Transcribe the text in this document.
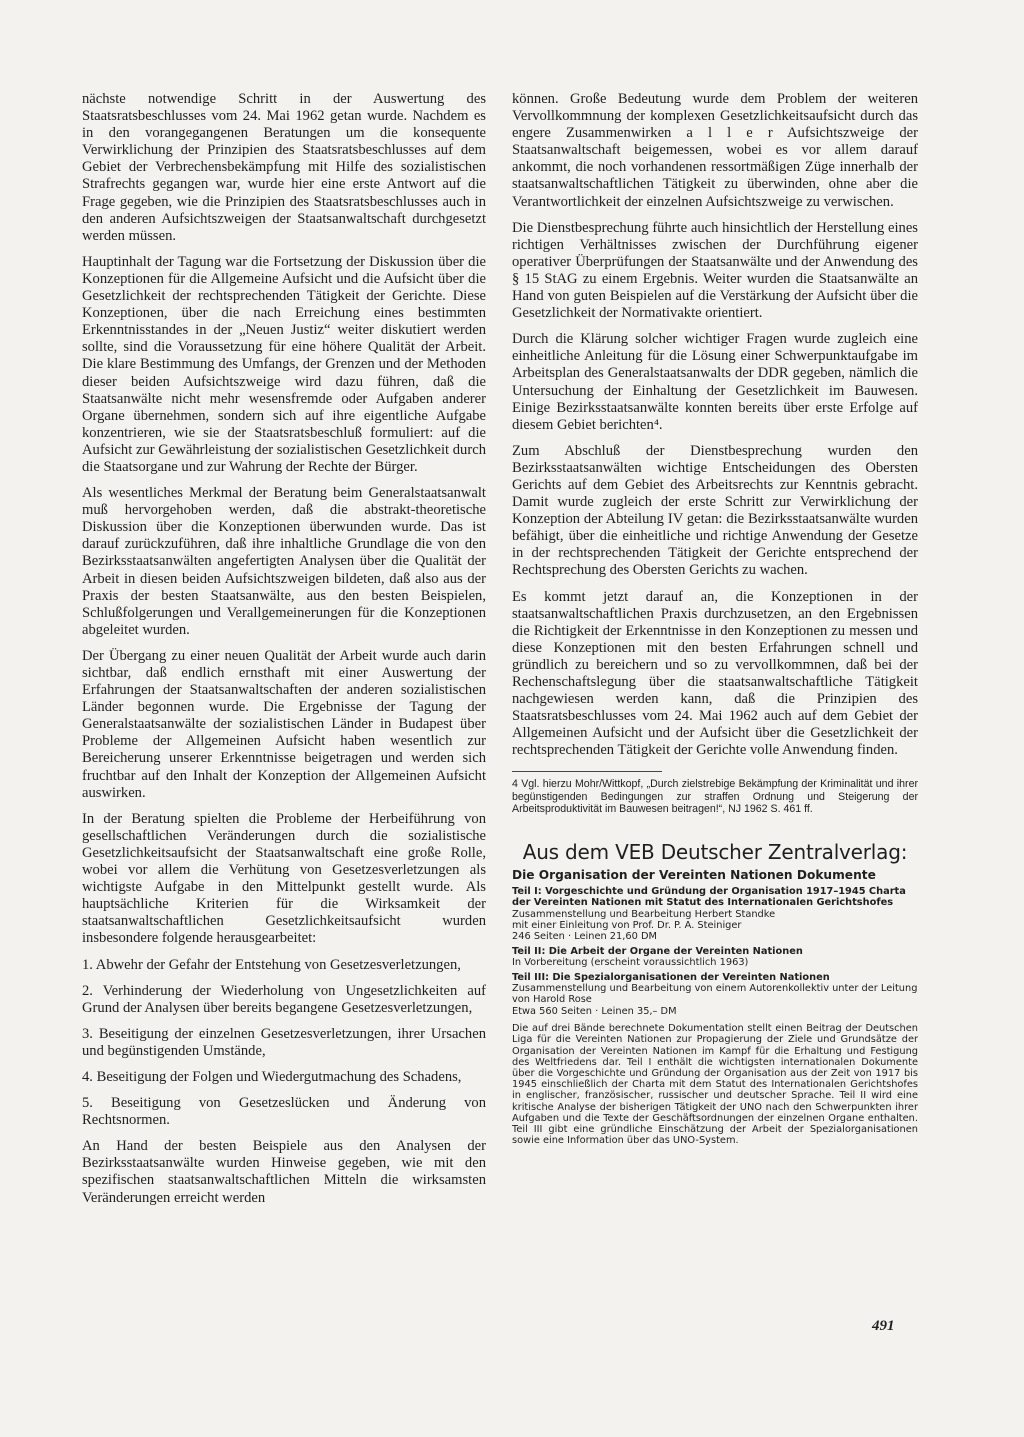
nächste notwendige Schritt in der Auswertung des Staatsratsbeschlusses vom 24. Mai 1962 getan wurde. Nachdem es in den vorangegangenen Beratungen um die konsequente Verwirklichung der Prinzipien des Staatsratsbeschlusses auf dem Gebiet der Verbrechensbekämpfung mit Hilfe des sozialistischen Strafrechts gegangen war, wurde hier eine erste Antwort auf die Frage gegeben, wie die Prinzipien des Staatsratsbeschlusses auch in den anderen Aufsichtszweigen der Staatsanwaltschaft durchgesetzt werden müssen.

Hauptinhalt der Tagung war die Fortsetzung der Diskussion über die Konzeptionen für die Allgemeine Aufsicht und die Aufsicht über die Gesetzlichkeit der rechtsprechenden Tätigkeit der Gerichte. Diese Konzeptionen, über die nach Erreichung eines bestimmten Erkenntnisstandes in der „Neuen Justiz“ weiter diskutiert werden sollte, sind die Voraussetzung für eine höhere Qualität der Arbeit. Die klare Bestimmung des Umfangs, der Grenzen und der Methoden dieser beiden Aufsichtszweige wird dazu führen, daß die Staatsanwälte nicht mehr wesensfremde oder Aufgaben anderer Organe übernehmen, sondern sich auf ihre eigentliche Aufgabe konzentrieren, wie sie der Staatsratsbeschluß formuliert: auf die Aufsicht zur Gewährleistung der sozialistischen Gesetzlichkeit durch die Staatsorgane und zur Wahrung der Rechte der Bürger.

Als wesentliches Merkmal der Beratung beim Generalstaatsanwalt muß hervorgehoben werden, daß die abstrakt-theoretische Diskussion über die Konzeptionen überwunden wurde. Das ist darauf zurückzuführen, daß ihre inhaltliche Grundlage die von den Bezirksstaatsanwälten angefertigten Analysen über die Qualität der Arbeit in diesen beiden Aufsichtszweigen bildeten, daß also aus der Praxis der besten Staatsanwälte, aus den besten Beispielen, Schlußfolgerungen und Verallgemeinerungen für die Konzeptionen abgeleitet wurden.

Der Übergang zu einer neuen Qualität der Arbeit wurde auch darin sichtbar, daß endlich ernsthaft mit einer Auswertung der Erfahrungen der Staatsanwaltschaften der anderen sozialistischen Länder begonnen wurde. Die Ergebnisse der Tagung der Generalstaatsanwälte der sozialistischen Länder in Budapest über Probleme der Allgemeinen Aufsicht haben wesentlich zur Bereicherung unserer Erkenntnisse beigetragen und werden sich fruchtbar auf den Inhalt der Konzeption der Allgemeinen Aufsicht auswirken.

In der Beratung spielten die Probleme der Herbeiführung von gesellschaftlichen Veränderungen durch die sozialistische Gesetzlichkeitsaufsicht der Staatsanwaltschaft eine große Rolle, wobei vor allem die Verhütung von Gesetzesverletzungen als wichtigste Aufgabe in den Mittelpunkt gestellt wurde. Als hauptsächliche Kriterien für die Wirksamkeit der staatsanwaltschaftlichen Gesetzlichkeitsaufsicht wurden insbesondere folgende herausgearbeitet:

1. Abwehr der Gefahr der Entstehung von Gesetzesverletzungen,

2. Verhinderung der Wiederholung von Ungesetzlichkeiten auf Grund der Analysen über bereits begangene Gesetzesverletzungen,

3. Beseitigung der einzelnen Gesetzesverletzungen, ihrer Ursachen und begünstigenden Umstände,

4. Beseitigung der Folgen und Wiedergutmachung des Schadens,

5. Beseitigung von Gesetzeslücken und Änderung von Rechtsnormen.

An Hand der besten Beispiele aus den Analysen der Bezirksstaatsanwälte wurden Hinweise gegeben, wie mit den spezifischen staatsanwaltschaftlichen Mitteln die wirksamsten Veränderungen erreicht werden

können. Große Bedeutung wurde dem Problem der weiteren Vervollkommnung der komplexen Gesetzlichkeitsaufsicht durch das engere Zusammenwirken a l l e r Aufsichtszweige der Staatsanwaltschaft beigemessen, wobei es vor allem darauf ankommt, die noch vorhandenen ressortmäßigen Züge innerhalb der staatsanwaltschaftlichen Tätigkeit zu überwinden, ohne aber die Verantwortlichkeit der einzelnen Aufsichtszweige zu verwischen.

Die Dienstbesprechung führte auch hinsichtlich der Herstellung eines richtigen Verhältnisses zwischen der Durchführung eigener operativer Überprüfungen der Staatsanwälte und der Anwendung des § 15 StAG zu einem Ergebnis. Weiter wurden die Staatsanwälte an Hand von guten Beispielen auf die Verstärkung der Aufsicht über die Gesetzlichkeit der Normativakte orientiert.

Durch die Klärung solcher wichtiger Fragen wurde zugleich eine einheitliche Anleitung für die Lösung einer Schwerpunktaufgabe im Arbeitsplan des Generalstaatsanwalts der DDR gegeben, nämlich die Untersuchung der Einhaltung der Gesetzlichkeit im Bauwesen. Einige Bezirksstaatsanwälte konnten bereits über erste Erfolge auf diesem Gebiet berichten⁴.

Zum Abschluß der Dienstbesprechung wurden den Bezirksstaatsanwälten wichtige Entscheidungen des Obersten Gerichts auf dem Gebiet des Arbeitsrechts zur Kenntnis gebracht. Damit wurde zugleich der erste Schritt zur Verwirklichung der Konzeption der Abteilung IV getan: die Bezirksstaatsanwälte wurden befähigt, über die einheitliche und richtige Anwendung der Gesetze in der rechtsprechenden Tätigkeit der Gerichte entsprechend der Rechtsprechung des Obersten Gerichts zu wachen.

Es kommt jetzt darauf an, die Konzeptionen in der staatsanwaltschaftlichen Praxis durchzusetzen, an den Ergebnissen die Richtigkeit der Erkenntnisse in den Konzeptionen zu messen und diese Konzeptionen mit den besten Erfahrungen schnell und gründlich zu bereichern und so zu vervollkommnen, daß bei der Rechenschaftslegung über die staatsanwaltschaftliche Tätigkeit nachgewiesen werden kann, daß die Prinzipien des Staatsratsbeschlusses vom 24. Mai 1962 auch auf dem Gebiet der Allgemeinen Aufsicht und der Aufsicht über die Gesetzlichkeit der rechtsprechenden Tätigkeit der Gerichte volle Anwendung finden.

4 Vgl. hierzu Mohr/Wittkopf, „Durch zielstrebige Bekämpfung der Kriminalität und ihrer begünstigenden Bedingungen zur straffen Ordnung und Steigerung der Arbeitsproduktivität im Bauwesen beitragen!“, NJ 1962 S. 461 ff.

Aus dem VEB Deutscher Zentralverlag:
Die Organisation der Vereinten Nationen Dokumente
Teil I: Vorgeschichte und Gründung der Organisation 1917–1945 Charta der Vereinten Nationen mit Statut des Internationalen Gerichtshofes
Zusammenstellung und Bearbeitung Herbert Standke
mit einer Einleitung von Prof. Dr. P. A. Steiniger
246 Seiten · Leinen 21,60 DM
Teil II: Die Arbeit der Organe der Vereinten Nationen
In Vorbereitung (erscheint voraussichtlich 1963)
Teil III: Die Spezialorganisationen der Vereinten Nationen
Zusammenstellung und Bearbeitung von einem Autorenkollektiv unter der Leitung von Harold Rose
Etwa 560 Seiten · Leinen 35,– DM

Die auf drei Bände berechnete Dokumentation stellt einen Beitrag der Deutschen Liga für die Vereinten Nationen zur Propagierung der Ziele und Grundsätze der Organisation der Vereinten Nationen im Kampf für die Erhaltung und Festigung des Weltfriedens dar. Teil I enthält die wichtigsten internationalen Dokumente über die Vorgeschichte und Gründung der Organisation aus der Zeit von 1917 bis 1945 einschließlich der Charta mit dem Statut des Internationalen Gerichtshofes in englischer, französischer, russischer und deutscher Sprache. Teil II wird eine kritische Analyse der bisherigen Tätigkeit der UNO nach den Schwerpunkten ihrer Aufgaben und die Texte der Geschäftsordnungen der einzelnen Organe enthalten. Teil III gibt eine gründliche Einschätzung der Arbeit der Spezialorganisationen sowie eine Information über das UNO-System.

491
